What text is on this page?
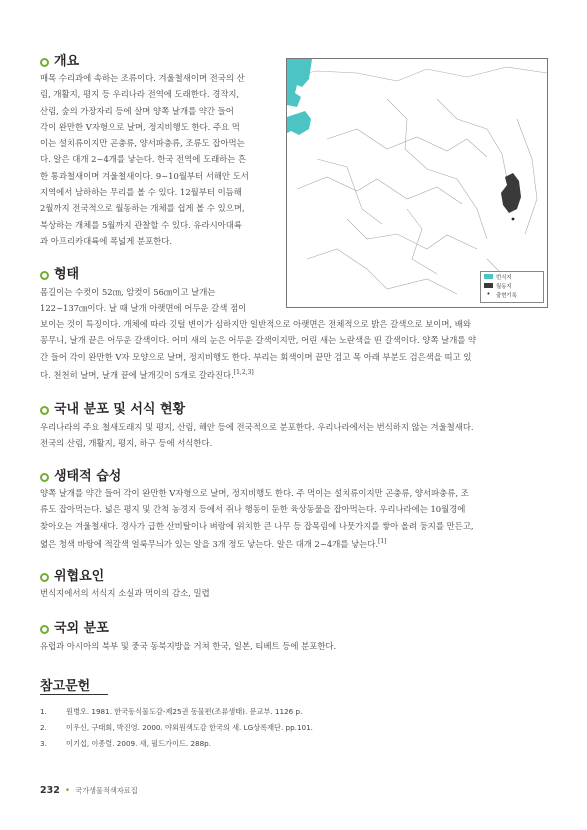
개요
매목 수리과에 속하는 조류이다. 겨울철새이며 전국의 산
림, 개활지, 평지 등 우리나라 전역에 도래한다. 경작지,
산림, 숲의 가장자리 등에 살며 양쪽 날개를 약간 들어
각이 완만한 V자형으로 날며, 정지비행도 한다. 주요 먹
이는 설치류이지만 곤충류, 양서파충류, 조류도 잡아먹는
다. 알은 대개 2~4개를 낳는다. 한국 전역에 도래하는 흔
한 통과철새이며 겨울철새이다. 9~10월부터 서해안 도서
지역에서 남하하는 무리를 볼 수 있다. 12월부터 이듬해
2월까지 전국적으로 월동하는 개체를 쉽게 볼 수 있으며,
북상하는 개체를 5월까지 관찰할 수 있다. 유라시아대륙
과 아프리카대륙에 폭넓게 분포한다.
번식지
월동지
•	출현기록
형태
몸길이는 수컷이 52㎝, 암컷이 56㎝이고 날개는
122~137㎝이다. 날 때 날개 아랫면에 어두운 갈색 점이
보이는 것이 특징이다. 개체에 따라 깃털 변이가 심하지만 일반적으로 아랫면은 전체적으로 밝은 갈색으로 보이며, 배와
꽁무니, 날개 끝은 어두운 갈색이다. 어미 새의 눈은 어두운 갈색이지만, 어린 새는 노란색을 띤 갈색이다. 양쪽 날개를 약
간 들어 각이 완만한 V자 모양으로 날며, 정지비행도 한다. 부리는 회색이며 끝만 검고 목 아래 부분도 검은색을 띠고 있
다. 천천히 날며, 날개 끝에 날개깃이 5개로 갈라진다.[1,2,3]
국내 분포 및 서식 현황
우리나라의 주요 철새도래지 및 평지, 산림, 해안 등에 전국적으로 분포한다. 우리나라에서는 번식하지 않는 겨울철새다.
전국의 산림, 개활지, 평지, 하구 등에 서식한다.
생태적 습성
양쪽 날개를 약간 들어 각이 완만한 V자형으로 날며, 정지비행도 한다. 주 먹이는 설치류이지만 곤충류, 양서파충류, 조
류도 잡아먹는다. 넓은 평지 및 간척 농경지 등에서 쥐나 행동이 둔한 육상동물을 잡아먹는다. 우리나라에는 10월경에
찾아오는 겨울철새다. 경사가 급한 산비탈이나 벼랑에 위치한 큰 나무 등 잡목림에 나뭇가지를 쌓아 올려 둥지를 만든고,
엷은 청색 바탕에 적갈색 얼룩무늬가 있는 알을 3개 정도 낳는다. 알은 대개 2~4개를 낳는다.[1]
위협요인
번식지에서의 서식지 소실과 먹이의 감소, 밀렵
국외 분포
유럽과 아시아의 북부 및 중국 동북지방을 거쳐 한국, 일본, 티베트 등에 분포한다.
참고문헌
1.	원병오. 1981. 한국동식물도감-제25권 동물편(조류생태). 문교부. 1126 p.
2.	이우신, 구태회, 박진영. 2000. 야외원색도감 한국의 새. LG상록재단. pp.101.
3.	이기섭, 이종렬. 2009. 새, 필드가이드. 288p.
232 • 국가생물적색자료집
